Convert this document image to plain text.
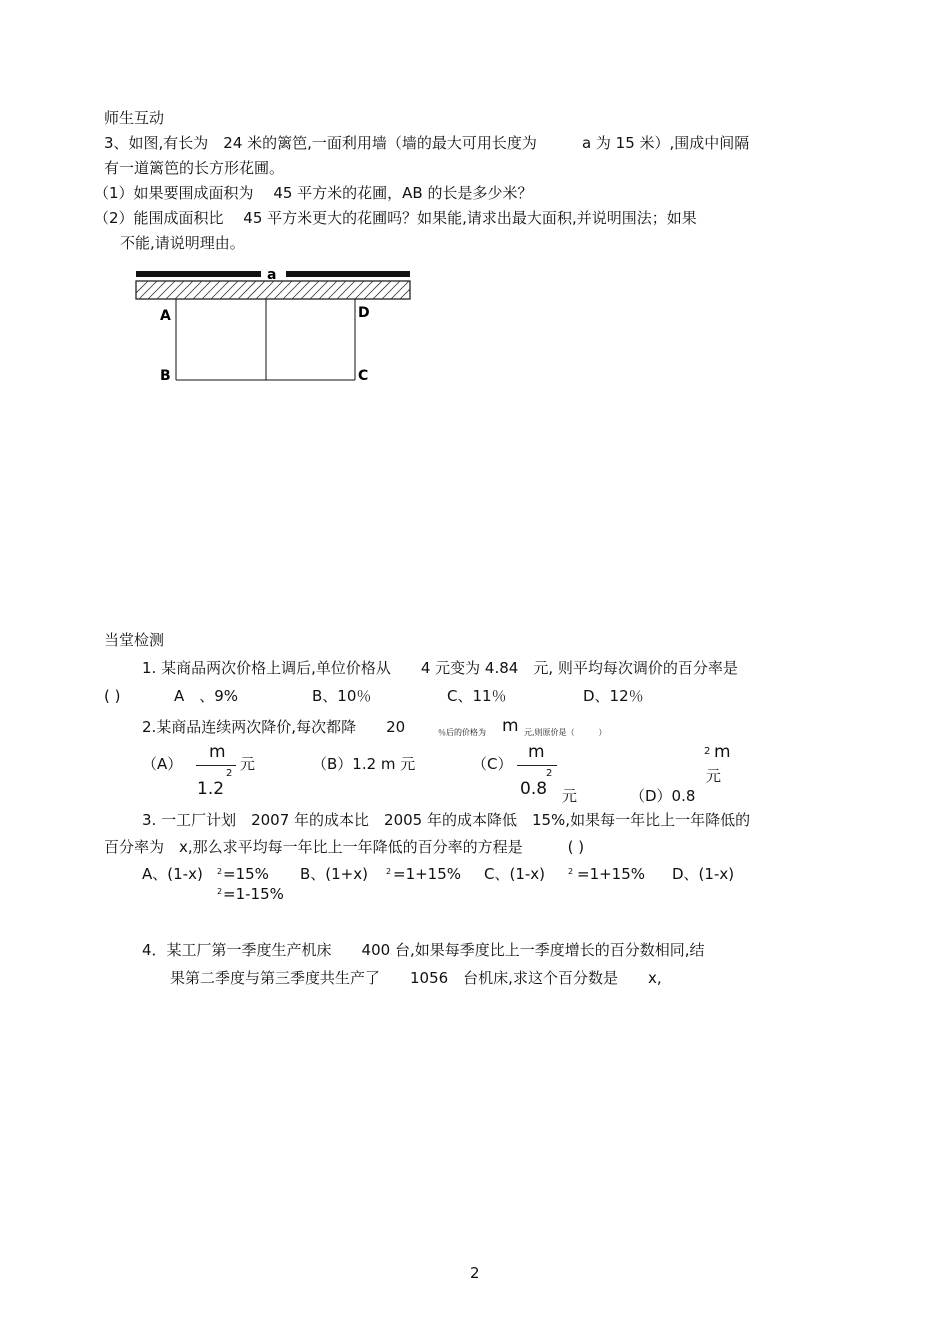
师生互动
3、如图,有长为　24 米的篱笆,一面利用墙（墙的最大可用长度为　　　a 为 15 米）,围成中间隔
有一道篱笆的长方形花圃。
（1）如果要围成面积为　 45 平方米的花圃，AB 的长是多少米？
（2）能围成面积比　 45 平方米更大的花圃吗？如果能,请求出最大面积,并说明围法；如果
不能,请说明理由。
a
A	D
B	C
当堂检测
1. 某商品两次价格上调后,单位价格从　　4 元变为 4.84　元, 则平均每次调价的百分率是
( )	A　、9%	B、10％	C、11％	D、12％
2.某商品连续两次降价,每次都降　　20	％后的价格为 m 元,则原价是（　　　）
（A）
m
2
1.2
元	（B）1.2 m 元	（C）
m
2
0.8 元
2 m
元
（D）0.8
3. 一工厂计划　2007 年的成本比　2005 年的成本降低　15%,如果每一年比上一年降低的
百分率为　x,那么求平均每一年比上一年降低的百分率的方程是　　　( )
A、(1-x) 2 =15% B、(1+x) 2 =1+15% C、(1-x)	2 =1+15% D、(1-x)
2 =1-15%
4．某工厂第一季度生产机床　　400 台,如果每季度比上一季度增长的百分数相同,结
果第二季度与第三季度共生产了　　1056　台机床,求这个百分数是　　x,
2
